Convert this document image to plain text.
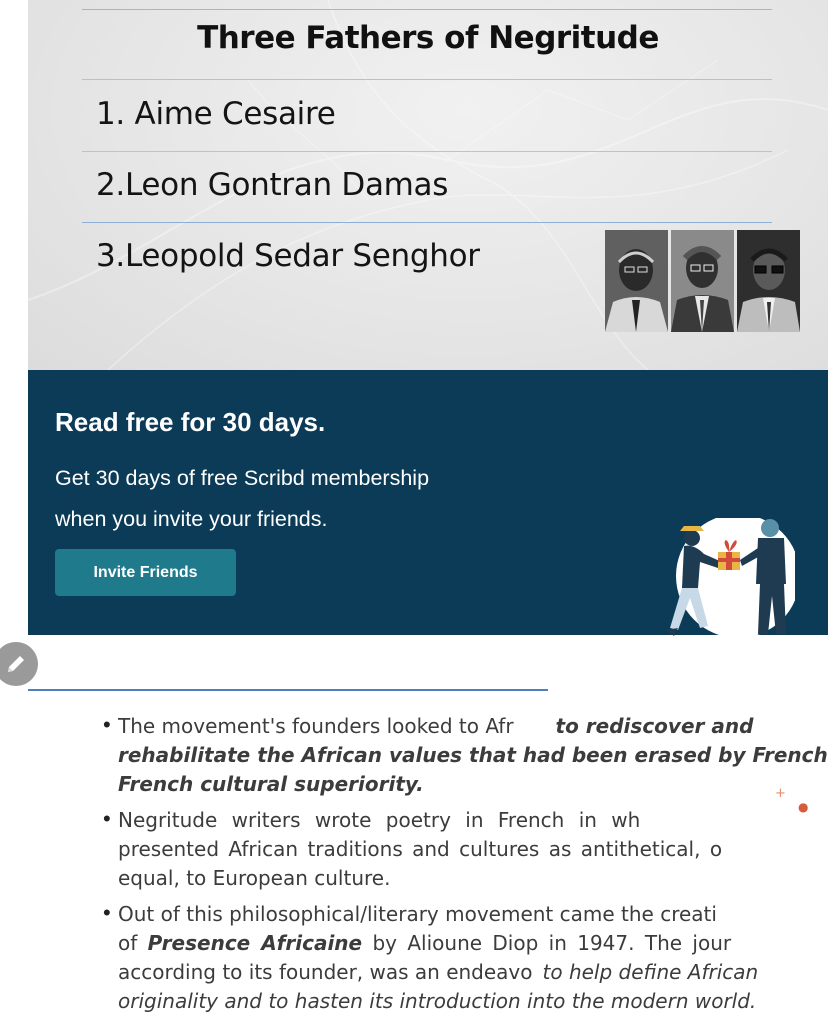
Three Fathers of Negritude
1. Aime Cesaire
2.Leon Gontran Damas
3.Leopold Sedar Senghor
Read free for 30 days.
Get 30 days of free Scribd membership
when you invite your friends.
Invite Friends
• The movement's founders looked to Afr to rediscover and
rehabilitate the African values that had been erased by French
French cultural superiority.
• Negritude writers wrote poetry in French in wh
presented African traditions and cultures as antithetical, o
equal, to European culture.
• Out of this philosophical/literary movement came the creati
of Presence Africaine by Alioune Diop in 1947. The jour
according to its founder, was an endeavo to help define African
originality and to hasten its introduction into the modern world.
+
●
